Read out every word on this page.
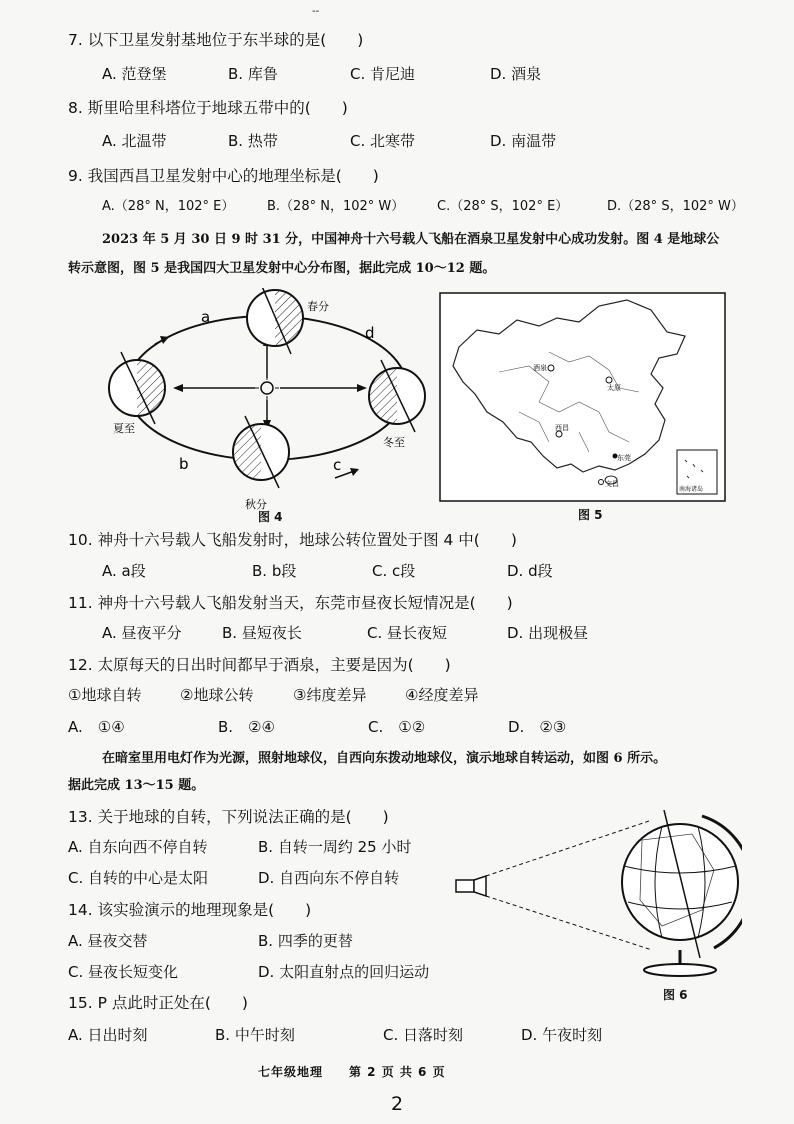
--
7. 以下卫星发射基地位于东半球的是(　　)
A. 范登堡	B. 库鲁	C. 肯尼迪	D. 酒泉
8. 斯里哈里科塔位于地球五带中的(　　)
A. 北温带	B. 热带	C. 北寒带	D. 南温带
9. 我国西昌卫星发射中心的地理坐标是(　　)
A.（28° N，102° E）	B.（28° N，102° W）	C.（28° S，102° E）	D.（28° S，102° W）
2023 年 5 月 30 日 9 时 31 分，中国神舟十六号载人飞船在酒泉卫星发射中心成功发射。图 4 是地球公
转示意图，图 5 是我国四大卫星发射中心分布图，据此完成 10～12 题。
a
b	c
d
春分
夏至
秋分
冬至
图 4
酒泉
太原
西昌
东莞
文昌
南海诸岛
图 5
10. 神舟十六号载人飞船发射时，地球公转位置处于图 4 中(　　)
A. a段	B. b段	C. c段	D. d段
11. 神舟十六号载人飞船发射当天，东莞市昼夜长短情况是(　　)
A. 昼夜平分	B. 昼短夜长	C. 昼长夜短	D. 出现极昼
12. 太原每天的日出时间都早于酒泉，主要是因为(　　)
①地球自转	②地球公转	③纬度差异	④经度差异
A.　①④	B.　②④	C.　①②	D.　②③
在暗室里用电灯作为光源，照射地球仪，自西向东拨动地球仪，演示地球自转运动，如图 6 所示。
据此完成 13～15 题。
13. 关于地球的自转，下列说法正确的是(　　)
A. 自东向西不停自转	B. 自转一周约 25 小时
C. 自转的中心是太阳	D. 自西向东不停自转
14. 该实验演示的地理现象是(　　)
A. 昼夜交替	B. 四季的更替
C. 昼夜长短变化	D. 太阳直射点的回归运动
15. P 点此时正处在(　　)
A. 日出时刻	B. 中午时刻	C. 日落时刻	D. 午夜时刻
图 6
七年级地理　　第 2 页 共 6 页
2
